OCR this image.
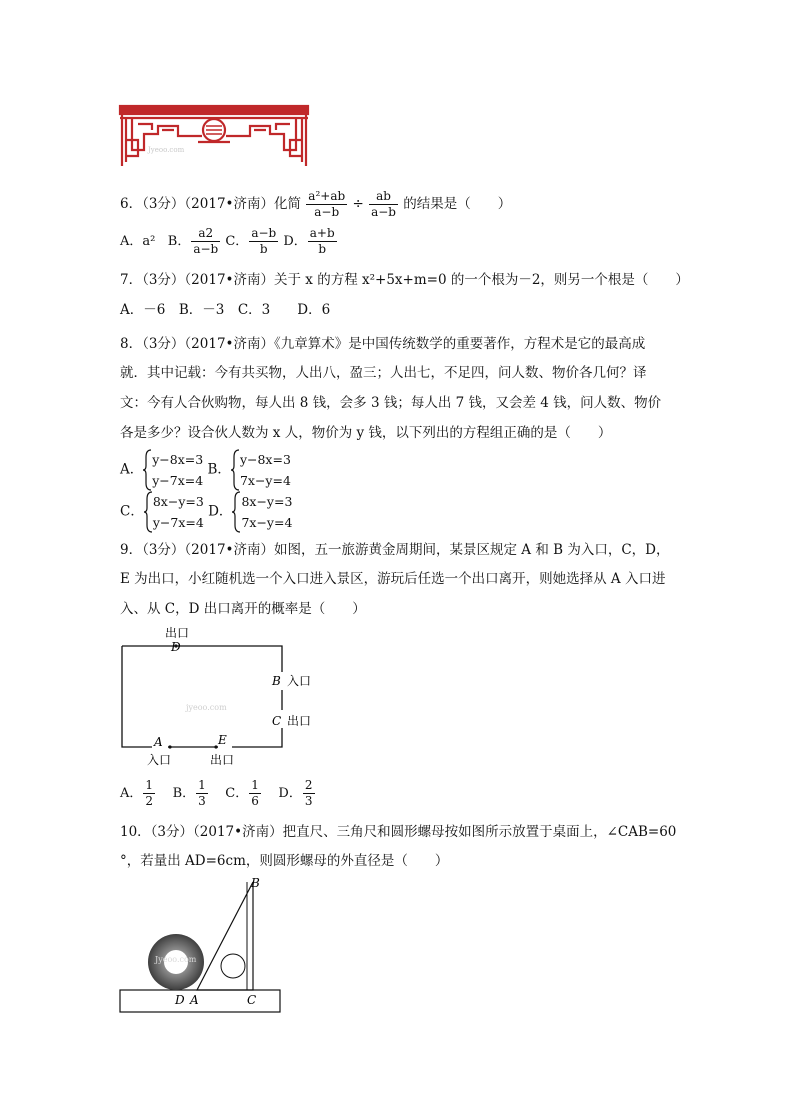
Jyeoo.com
6．（3分）（2017•济南）化简 $\frac{\text{a²+ab}}{a-b} \div \frac{ab}{a-b}$ 的结果是（　　）
A．a² B． $\frac{a2}{a-b}$ C． $\frac{a-b}{b}$ D． $\frac{a+b}{b}$
7．（3分）（2017•济南）关于 x 的方程 x²+5x+m=0 的一个根为－2，则另一个根是（　　）
A．－6　B．－3　C．3　　D．6
8．（3分）（2017•济南）《九章算术》是中国传统数学的重要著作，方程术是它的最高成
就．其中记载：今有共买物，人出八，盈三；人出七，不足四，问人数、物价各几何？译
文：今有人合伙购物，每人出 8 钱，会多 3 钱；每人出 7 钱，又会差 4 钱，问人数、物价
各是多少？设合伙人数为 x 人，物价为 y 钱，以下列出的方程组正确的是（　　）
A．
y−8x=3
y−7x=4
B．
y−8x=3
7x−y=4
C．
8x−y=3
y−7x=4
D．
8x−y=3
7x−y=4
9．（3分）（2017•济南）如图，五一旅游黄金周期间，某景区规定 A 和 B 为入口，C，D，
E 为出口，小红随机选一个入口进入景区，游玩后任选一个出口离开，则她选择从 A 入口进
入、从 C，D 出口离开的概率是（　　）
出口
D
B 入口
C 出口
A
入口
E
出口
jyeoo.com
A． $\frac{1}{2}$ B． $\frac{1}{3}$ C． $\frac{1}{6}$ D． $\frac{2}{3}$
10．（3分）（2017•济南）把直尺、三角尺和圆形螺母按如图所示放置于桌面上，∠CAB=60
°，若量出 AD=6cm，则圆形螺母的外直径是（　　）
B
D A	C
Jyeoo.com
